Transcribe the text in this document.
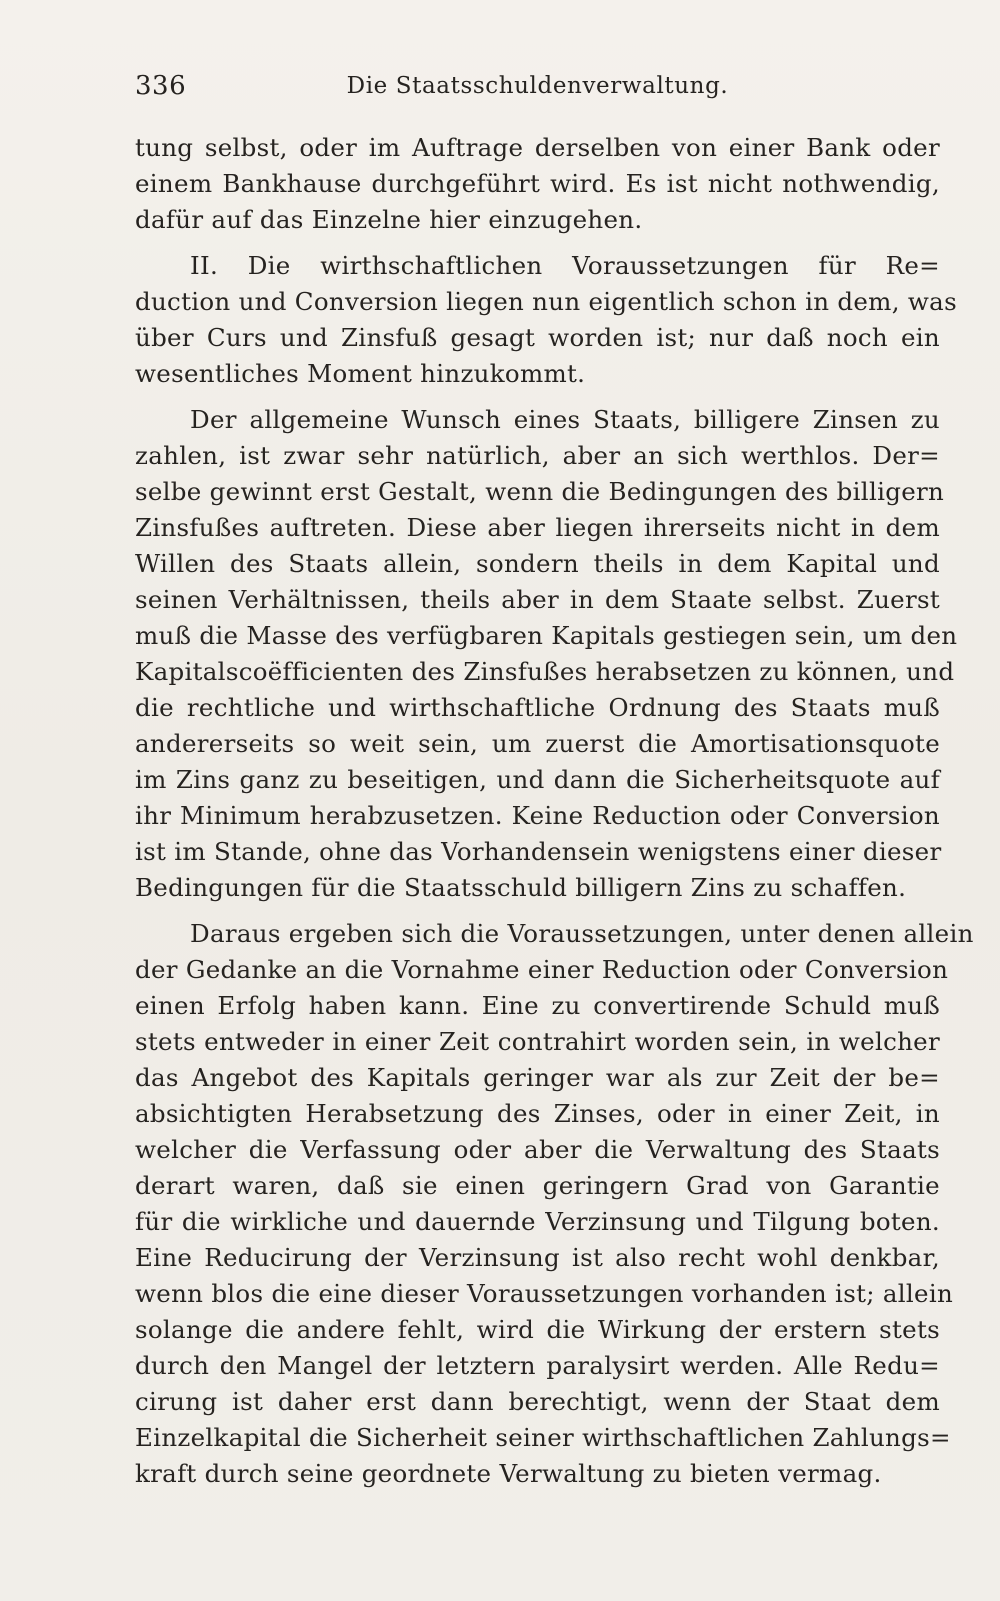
336	Die Staatsschuldenverwaltung.
tung selbst, oder im Auftrage derselben von einer Bank oder
einem Bankhause durchgeführt wird. Es ist nicht nothwendig,
dafür auf das Einzelne hier einzugehen.
II. Die wirthschaftlichen Voraussetzungen für Re=
duction und Conversion liegen nun eigentlich schon in dem, was
über Curs und Zinsfuß gesagt worden ist; nur daß noch ein
wesentliches Moment hinzukommt.
Der allgemeine Wunsch eines Staats, billigere Zinsen zu
zahlen, ist zwar sehr natürlich, aber an sich werthlos. Der=
selbe gewinnt erst Gestalt, wenn die Bedingungen des billigern
Zinsfußes auftreten. Diese aber liegen ihrerseits nicht in dem
Willen des Staats allein, sondern theils in dem Kapital und
seinen Verhältnissen, theils aber in dem Staate selbst. Zuerst
muß die Masse des verfügbaren Kapitals gestiegen sein, um den
Kapitalscoëfficienten des Zinsfußes herabsetzen zu können, und
die rechtliche und wirthschaftliche Ordnung des Staats muß
andererseits so weit sein, um zuerst die Amortisationsquote
im Zins ganz zu beseitigen, und dann die Sicherheitsquote auf
ihr Minimum herabzusetzen. Keine Reduction oder Conversion
ist im Stande, ohne das Vorhandensein wenigstens einer dieser
Bedingungen für die Staatsschuld billigern Zins zu schaffen.
Daraus ergeben sich die Voraussetzungen, unter denen allein
der Gedanke an die Vornahme einer Reduction oder Conversion
einen Erfolg haben kann. Eine zu convertirende Schuld muß
stets entweder in einer Zeit contrahirt worden sein, in welcher
das Angebot des Kapitals geringer war als zur Zeit der be=
absichtigten Herabsetzung des Zinses, oder in einer Zeit, in
welcher die Verfassung oder aber die Verwaltung des Staats
derart waren, daß sie einen geringern Grad von Garantie
für die wirkliche und dauernde Verzinsung und Tilgung boten.
Eine Reducirung der Verzinsung ist also recht wohl denkbar,
wenn blos die eine dieser Voraussetzungen vorhanden ist; allein
solange die andere fehlt, wird die Wirkung der erstern stets
durch den Mangel der letztern paralysirt werden. Alle Redu=
cirung ist daher erst dann berechtigt, wenn der Staat dem
Einzelkapital die Sicherheit seiner wirthschaftlichen Zahlungs=
kraft durch seine geordnete Verwaltung zu bieten vermag.
